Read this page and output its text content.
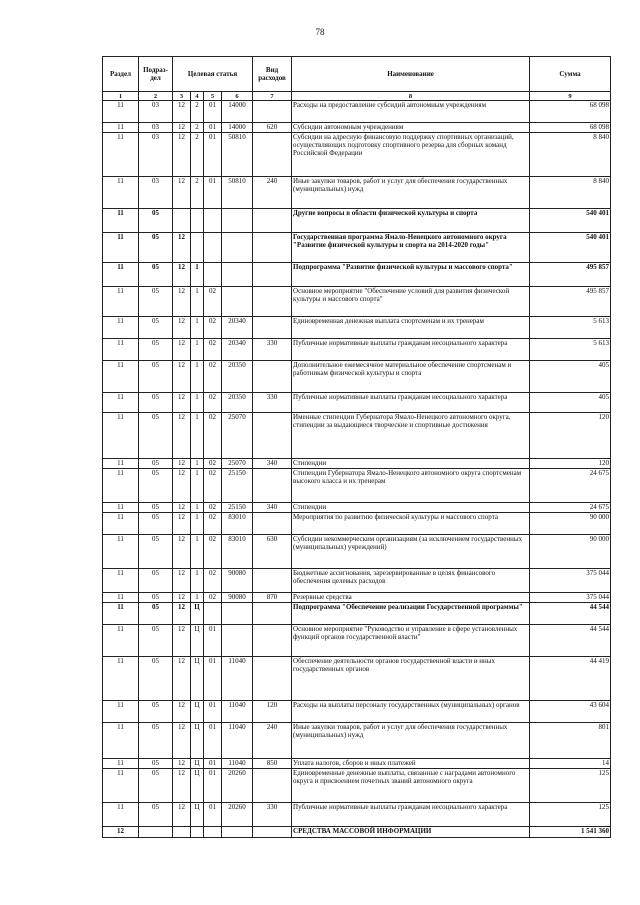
78
Раздел	Подраз-дел	Целевая статья				Вид расходов	Наименование	Сумма
1	2	3	4	5	6	7	8	9
11	03	12	2	01	14000		Расходы на предоставление субсидий автономным учреждениям	68 098
11	03	12	2	01	14000	620	Субсидии автономным учреждениям	68 098
11	03	12	2	01	50810		Субсидии на адресную финансовую поддержку спортивных организаций, осуществляющих подготовку спортивного резерва для сборных команд Российской Федерации	8 840
11	03	12	2	01	50810	240	Иные закупки товаров, работ и услуг для обеспечения государственных (муниципальных) нужд	8 840
11	05						Другие вопросы в области физической культуры и спорта	540 401
11	05	12					Государственная программа Ямало-Ненецкого автономного округа "Развитие физической культуры и спорта на 2014-2020 годы"	540 401
11	05	12	1				Подпрограмма "Развитие физической культуры и массового спорта"	495 857
11	05	12	1	02			Основное мероприятие "Обеспечение условий для развития физической культуры и массового спорта"	495 857
11	05	12	1	02	20340		Единовременная денежная выплата спортсменам и их тренерам	5 613
11	05	12	1	02	20340	330	Публичные нормативные выплаты гражданам несоциального характера	5 613
11	05	12	1	02	20350		Дополнительное ежемесячное материальное обеспечение спортсменам и работникам физической культуры и спорта	405
11	05	12	1	02	20350	330	Публичные нормативные выплаты гражданам несоциального характера	405
11	05	12	1	02	25070		Именные стипендии Губернатора Ямало-Ненецкого автономного округа, стипендии за выдающиеся творческие и спортивные достижения	120
11	05	12	1	02	25070	340	Стипендии	120
11	05	12	1	02	25150		Стипендии Губернатора Ямало-Ненецкого автономного округа спортсменам высокого класса и их тренерам	24 675
11	05	12	1	02	25150	340	Стипендии	24 675
11	05	12	1	02	83010		Мероприятия по развитию физической культуры и массового спорта	90 000
11	05	12	1	02	83010	630	Субсидии некоммерческим организациям (за исключением государственных (муниципальных) учреждений)	90 000
11	05	12	1	02	90080		Бюджетные ассигнования, зарезервированные в целях финансового обеспечения целевых расходов	375 044
11	05	12	1	02	90080	870	Резервные средства	375 044
11	05	12	Ц				Подпрограмма "Обеспечение реализации Государственной программы"	44 544
11	05	12	Ц	01			Основное мероприятие "Руководство и управление в сфере установленных функций органов государственной власти"	44 544
11	05	12	Ц	01	11040		Обеспечение деятельности органов государственной власти и иных государственных органов	44 419
11	05	12	Ц	01	11040	120	Расходы на выплаты персоналу государственных (муниципальных) органов	43 604
11	05	12	Ц	01	11040	240	Иные закупки товаров, работ и услуг для обеспечения государственных (муниципальных) нужд	801
11	05	12	Ц	01	11040	850	Уплата налогов, сборов и иных платежей	14
11	05	12	Ц	01	20260		Единовременные денежные выплаты, связанные с наградами автономного округа и присвоением почетных званий автономного округа	125
11	05	12	Ц	01	20260	330	Публичные нормативные выплаты гражданам несоциального характера	125
12							СРЕДСТВА МАССОВОЙ ИНФОРМАЦИИ	1 541 360
